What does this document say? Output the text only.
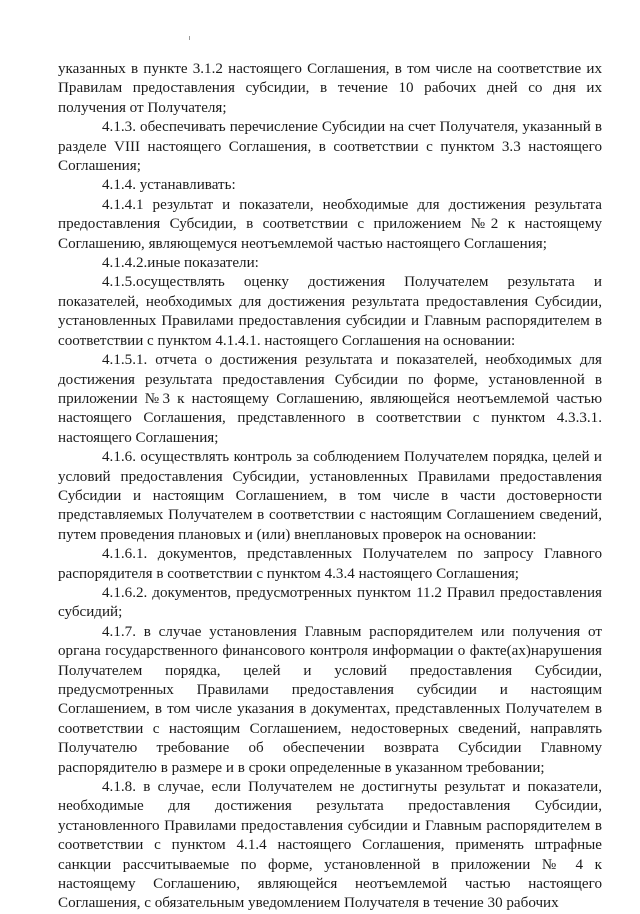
указанных в пункте 3.1.2 настоящего Соглашения, в том числе на соответствие их Правилам предоставления субсидии, в течение 10 рабочих дней со дня их получения от Получателя;

4.1.3. обеспечивать перечисление Субсидии на счет Получателя, указанный в разделе VIII настоящего Соглашения, в соответствии с пунктом 3.3 настоящего Соглашения;

4.1.4. устанавливать:

4.1.4.1 результат и показатели, необходимые для достижения результата предоставления Субсидии, в соответствии с приложением №2 к настоящему Соглашению, являющемуся неотъемлемой частью настоящего Соглашения;

4.1.4.2.иные показатели:

4.1.5.осуществлять оценку достижения Получателем результата и показателей, необходимых для достижения результата предоставления Субсидии, установленных Правилами предоставления субсидии и Главным распорядителем в соответствии с пунктом 4.1.4.1. настоящего Соглашения на основании:

4.1.5.1. отчета о достижения результата и показателей, необходимых для достижения результата предоставления Субсидии по форме, установленной в приложении №3 к настоящему Соглашению, являющейся неотъемлемой частью настоящего Соглашения, представленного в соответствии с пунктом 4.3.3.1. настоящего Соглашения;

4.1.6. осуществлять контроль за соблюдением Получателем порядка, целей и условий предоставления Субсидии, установленных Правилами предоставления Субсидии и настоящим Соглашением, в том числе в части достоверности представляемых Получателем в соответствии с настоящим Соглашением сведений, путем проведения плановых и (или) внеплановых проверок на основании:

4.1.6.1. документов, представленных Получателем по запросу Главного распорядителя в соответствии с пунктом 4.3.4 настоящего Соглашения;

4.1.6.2. документов, предусмотренных пунктом 11.2 Правил предоставления субсидий;

4.1.7. в случае установления Главным распорядителем или получения от органа государственного финансового контроля информации о факте(ах)нарушения Получателем порядка, целей и условий предоставления Субсидии, предусмотренных Правилами предоставления субсидии и настоящим Соглашением, в том числе указания в документах, представленных Получателем в соответствии с настоящим Соглашением, недостоверных сведений, направлять Получателю требование об обеспечении возврата Субсидии Главному распорядителю в размере и в сроки определенные в указанном требовании;

4.1.8. в случае, если Получателем не достигнуты результат и показатели, необходимые для достижения результата предоставления Субсидии, установленного Правилами предоставления субсидии и Главным распорядителем в соответствии с пунктом 4.1.4 настоящего Соглашения, применять штрафные санкции рассчитываемые по форме, установленной в приложении № 4 к настоящему Соглашению, являющейся неотъемлемой частью настоящего Соглашения, с обязательным уведомлением Получателя в течение 30 рабочих
